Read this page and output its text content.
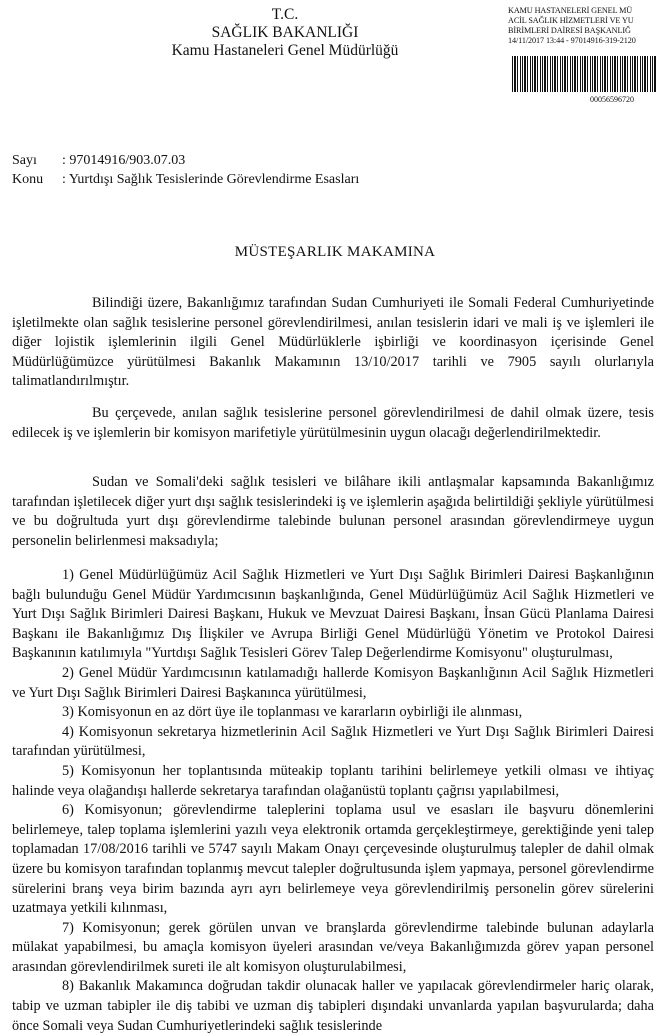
T.C.
SAĞLIK BAKANLIĞI
Kamu Hastaneleri Genel Müdürlüğü
KAMU HASTANELERİ GENEL MÜ
ACİL SAĞLIK HİZMETLERİ VE YU
BİRİMLERİ DAİRESİ BAŞKANLIĞ
14/11/2017 13:44 - 97014916-319-2120
00056596720
Sayı : 97014916/903.07.03
Konu : Yurtdışı Sağlık Tesislerinde Görevlendirme Esasları
MÜSTEŞARLIK MAKAMINA

Bilindiği üzere, Bakanlığımız tarafından Sudan Cumhuriyeti ile Somali Federal Cumhuriyetinde işletilmekte olan sağlık tesislerine personel görevlendirilmesi, anılan tesislerin idari ve mali iş ve işlemleri ile diğer lojistik işlemlerinin ilgili Genel Müdürlüklerle işbirliği ve koordinasyon içerisinde Genel Müdürlüğümüzce yürütülmesi Bakanlık Makamının 13/10/2017 tarihli ve 7905 sayılı olurlarıyla talimatlandırılmıştır.

Bu çerçevede, anılan sağlık tesislerine personel görevlendirilmesi de dahil olmak üzere, tesis edilecek iş ve işlemlerin bir komisyon marifetiyle yürütülmesinin uygun olacağı değerlendirilmektedir.

Sudan ve Somali'deki sağlık tesisleri ve bilâhare ikili antlaşmalar kapsamında Bakanlığımız tarafından işletilecek diğer yurt dışı sağlık tesislerindeki iş ve işlemlerin aşağıda belirtildiği şekliyle yürütülmesi ve bu doğrultuda yurt dışı görevlendirme talebinde bulunan personel arasından görevlendirmeye uygun personelin belirlenmesi maksadıyla;

1) Genel Müdürlüğümüz Acil Sağlık Hizmetleri ve Yurt Dışı Sağlık Birimleri Dairesi Başkanlığının bağlı bulunduğu Genel Müdür Yardımcısının başkanlığında, Genel Müdürlüğümüz Acil Sağlık Hizmetleri ve Yurt Dışı Sağlık Birimleri Dairesi Başkanı, Hukuk ve Mevzuat Dairesi Başkanı, İnsan Gücü Planlama Dairesi Başkanı ile Bakanlığımız Dış İlişkiler ve Avrupa Birliği Genel Müdürlüğü Yönetim ve Protokol Dairesi Başkanının katılımıyla "Yurtdışı Sağlık Tesisleri Görev Talep Değerlendirme Komisyonu" oluşturulması,

2) Genel Müdür Yardımcısının katılamadığı hallerde Komisyon Başkanlığının Acil Sağlık Hizmetleri ve Yurt Dışı Sağlık Birimleri Dairesi Başkanınca yürütülmesi,

3) Komisyonun en az dört üye ile toplanması ve kararların oybirliği ile alınması,

4) Komisyonun sekretarya hizmetlerinin Acil Sağlık Hizmetleri ve Yurt Dışı Sağlık Birimleri Dairesi tarafından yürütülmesi,

5) Komisyonun her toplantısında müteakip toplantı tarihini belirlemeye yetkili olması ve ihtiyaç halinde veya olağandışı hallerde sekretarya tarafından olağanüstü toplantı çağrısı yapılabilmesi,

6) Komisyonun; görevlendirme taleplerini toplama usul ve esasları ile başvuru dönemlerini belirlemeye, talep toplama işlemlerini yazılı veya elektronik ortamda gerçekleştirmeye, gerektiğinde yeni talep toplamadan 17/08/2016 tarihli ve 5747 sayılı Makam Onayı çerçevesinde oluşturulmuş talepler de dahil olmak üzere bu komisyon tarafından toplanmış mevcut talepler doğrultusunda işlem yapmaya, personel görevlendirme sürelerini branş veya birim bazında ayrı ayrı belirlemeye veya görevlendirilmiş personelin görev sürelerini uzatmaya yetkili kılınması,

7) Komisyonun; gerek görülen unvan ve branşlarda görevlendirme talebinde bulunan adaylarla mülakat yapabilmesi, bu amaçla komisyon üyeleri arasından ve/veya Bakanlığımızda görev yapan personel arasından görevlendirilmek sureti ile alt komisyon oluşturulabilmesi,

8) Bakanlık Makamınca doğrudan takdir olunacak haller ve yapılacak görevlendirmeler hariç olarak, tabip ve uzman tabipler ile diş tabibi ve uzman diş tabipleri dışındaki unvanlarda yapılan başvurularda; daha önce Somali veya Sudan Cumhuriyetlerindeki sağlık tesislerinde
